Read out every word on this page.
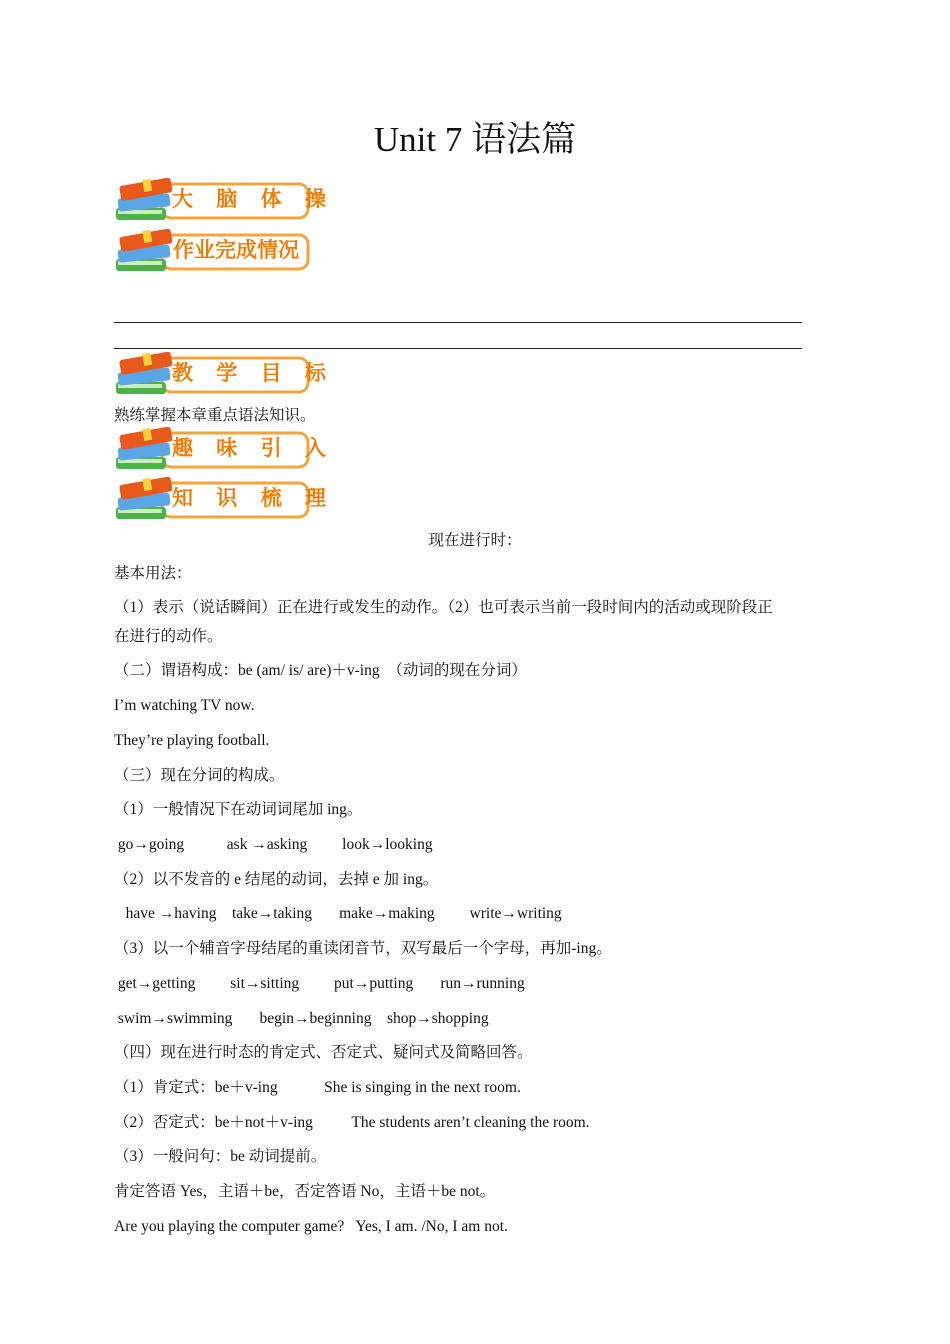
Unit 7 语法篇
大 脑 体 操
作业完成情况
教 学 目 标
熟练掌握本章重点语法知识。
趣 味 引 入
知 识 梳 理
现在进行时：
基本用法：
（1）表示（说话瞬间）正在进行或发生的动作。（2）也可表示当前一段时间内的活动或现阶段正
在进行的动作。
（二）谓语构成：be (am/ is/ are)＋v-ing  （动词的现在分词）
I’m watching TV now.
They’re playing football.
（三）现在分词的构成。
（1）一般情况下在动词词尾加 ing。
go→going           ask →asking         look→looking
（2）以不发音的 e 结尾的动词，去掉 e 加 ing。
have →having    take→taking       make→making         write→writing
（3）以一个辅音字母结尾的重读闭音节，双写最后一个字母，再加-ing。
get→getting         sit→sitting         put→putting       run→running
swim→swimming       begin→beginning    shop→shopping
（四）现在进行时态的肯定式、否定式、疑问式及简略回答。
（1）肯定式：be＋v-ing            She is singing in the next room.
（2）否定式：be＋not＋v-ing          The students aren’t cleaning the room.
（3）一般问句：be 动词提前。
肯定答语 Yes，主语＋be，否定答语 No，主语＋be not。
Are you playing the computer game?   Yes, I am. /No, I am not.
